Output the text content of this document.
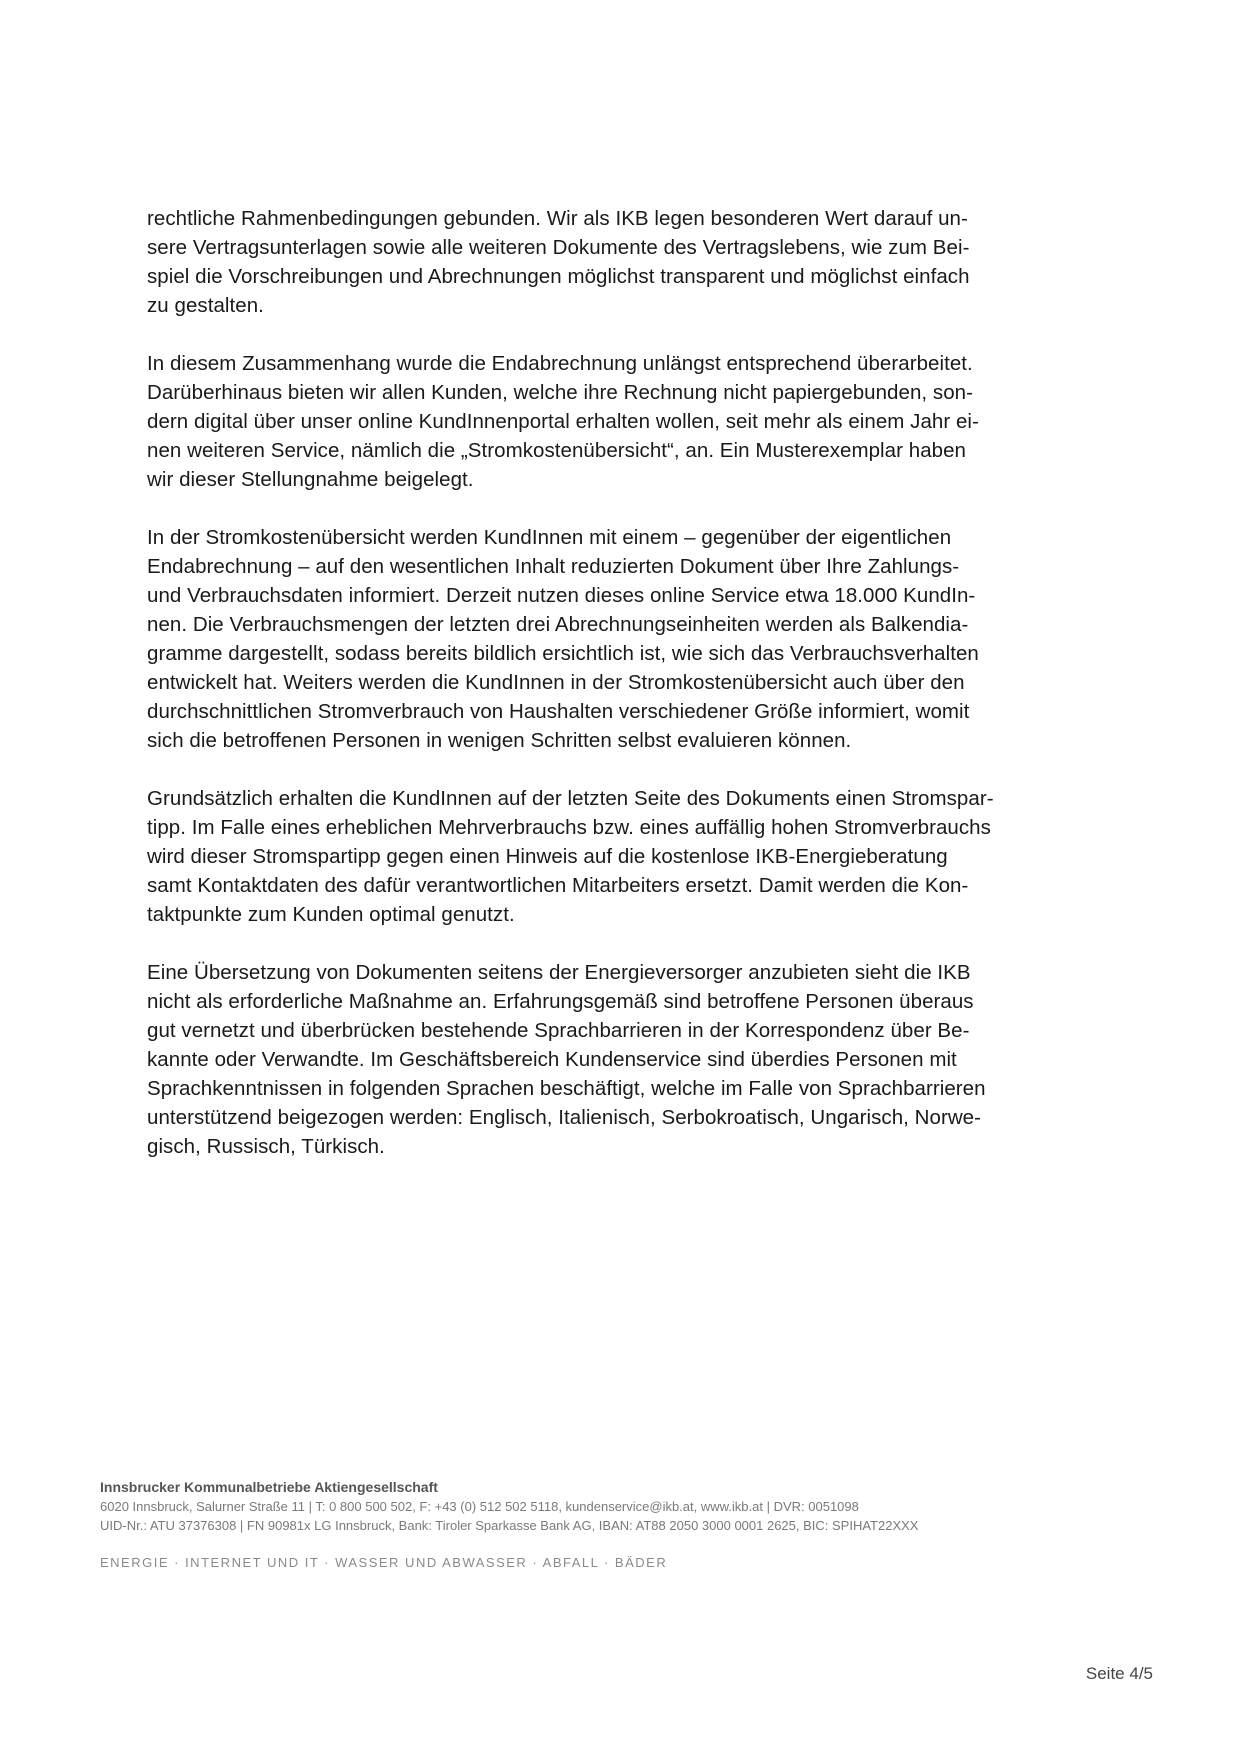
rechtliche Rahmenbedingungen gebunden. Wir als IKB legen besonderen Wert darauf un-
sere Vertragsunterlagen sowie alle weiteren Dokumente des Vertragslebens, wie zum Bei-
spiel die Vorschreibungen und Abrechnungen möglichst transparent und möglichst einfach
zu gestalten.

In diesem Zusammenhang wurde die Endabrechnung unlängst entsprechend überarbeitet.
Darüberhinaus bieten wir allen Kunden, welche ihre Rechnung nicht papiergebunden, son-
dern digital über unser online KundInnenportal erhalten wollen, seit mehr als einem Jahr ei-
nen weiteren Service, nämlich die „Stromkostenübersicht“, an. Ein Musterexemplar haben
wir dieser Stellungnahme beigelegt.

In der Stromkostenübersicht werden KundInnen mit einem – gegenüber der eigentlichen
Endabrechnung – auf den wesentlichen Inhalt reduzierten Dokument über Ihre Zahlungs-
und Verbrauchsdaten informiert. Derzeit nutzen dieses online Service etwa 18.000 KundIn-
nen. Die Verbrauchsmengen der letzten drei Abrechnungseinheiten werden als Balkendia-
gramme dargestellt, sodass bereits bildlich ersichtlich ist, wie sich das Verbrauchsverhalten
entwickelt hat. Weiters werden die KundInnen in der Stromkostenübersicht auch über den
durchschnittlichen Stromverbrauch von Haushalten verschiedener Größe informiert, womit
sich die betroffenen Personen in wenigen Schritten selbst evaluieren können.

Grundsätzlich erhalten die KundInnen auf der letzten Seite des Dokuments einen Stromspar-
tipp. Im Falle eines erheblichen Mehrverbrauchs bzw. eines auffällig hohen Stromverbrauchs
wird dieser Stromspartipp gegen einen Hinweis auf die kostenlose IKB-Energieberatung
samt Kontaktdaten des dafür verantwortlichen Mitarbeiters ersetzt. Damit werden die Kon-
taktpunkte zum Kunden optimal genutzt.

Eine Übersetzung von Dokumenten seitens der Energieversorger anzubieten sieht die IKB
nicht als erforderliche Maßnahme an. Erfahrungsgemäß sind betroffene Personen überaus
gut vernetzt und überbrücken bestehende Sprachbarrieren in der Korrespondenz über Be-
kannte oder Verwandte. Im Geschäftsbereich Kundenservice sind überdies Personen mit
Sprachkenntnissen in folgenden Sprachen beschäftigt, welche im Falle von Sprachbarrieren
unterstützend beigezogen werden: Englisch, Italienisch, Serbokroatisch, Ungarisch, Norwe-
gisch, Russisch, Türkisch.

Innsbrucker Kommunalbetriebe Aktiengesellschaft
6020 Innsbruck, Salurner Straße 11 | T: 0 800 500 502, F: +43 (0) 512 502 5118, kundenservice@ikb.at, www.ikb.at | DVR: 0051098
UID-Nr.: ATU 37376308 | FN 90981x LG Innsbruck, Bank: Tiroler Sparkasse Bank AG, IBAN: AT88 2050 3000 0001 2625, BIC: SPIHAT22XXX
ENERGIE · INTERNET UND IT · WASSER UND ABWASSER · ABFALL · BÄDER
Seite 4/5
